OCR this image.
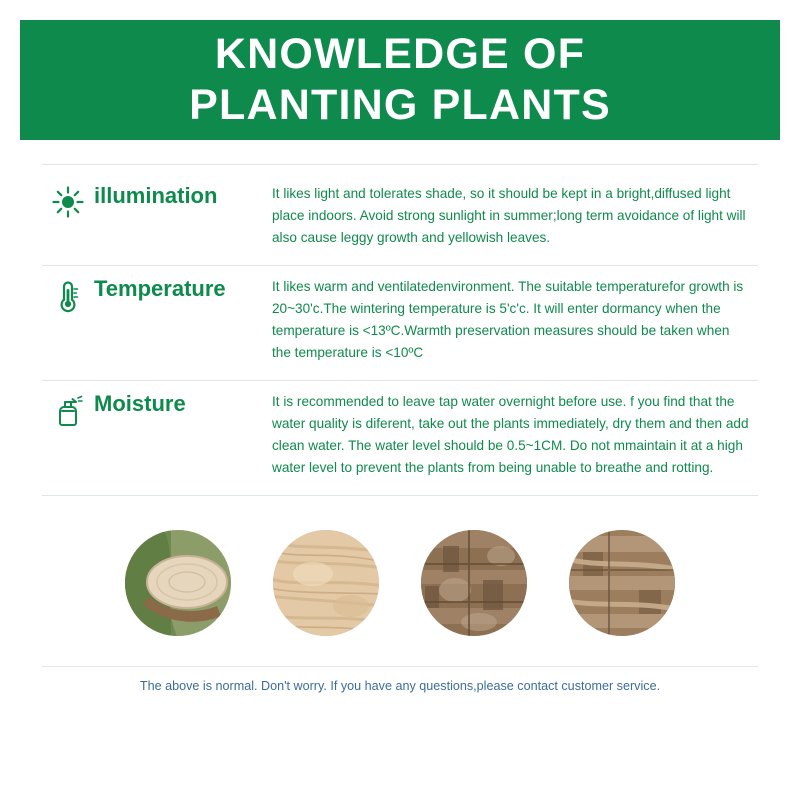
KNOWLEDGE OF
PLANTING PLANTS
illumination	It likes light and tolerates shade, so it should be kept in a bright,diffused light place indoors. Avoid strong sunlight in summer;long term avoidance of light will also cause leggy growth and yellowish leaves.
Temperature	It likes warm and ventilatedenvironment. The suitable temperaturefor growth is 20~30'c.The wintering temperature is 5'c'c. It will enter dormancy when the temperature is <13ºC.Warmth preservation measures should be taken when the temperature is <10ºC
Moisture	It is recommended to leave tap water overnight before use. f you find that the water quality is diferent, take out the plants immediately, dry them and then add clean water. The water level should be 0.5~1CM. Do not mmaintain it at a high water level to prevent the plants from being unable to breathe and rotting.
The above is normal. Don't worry. If you have any questions,please contact customer service.
